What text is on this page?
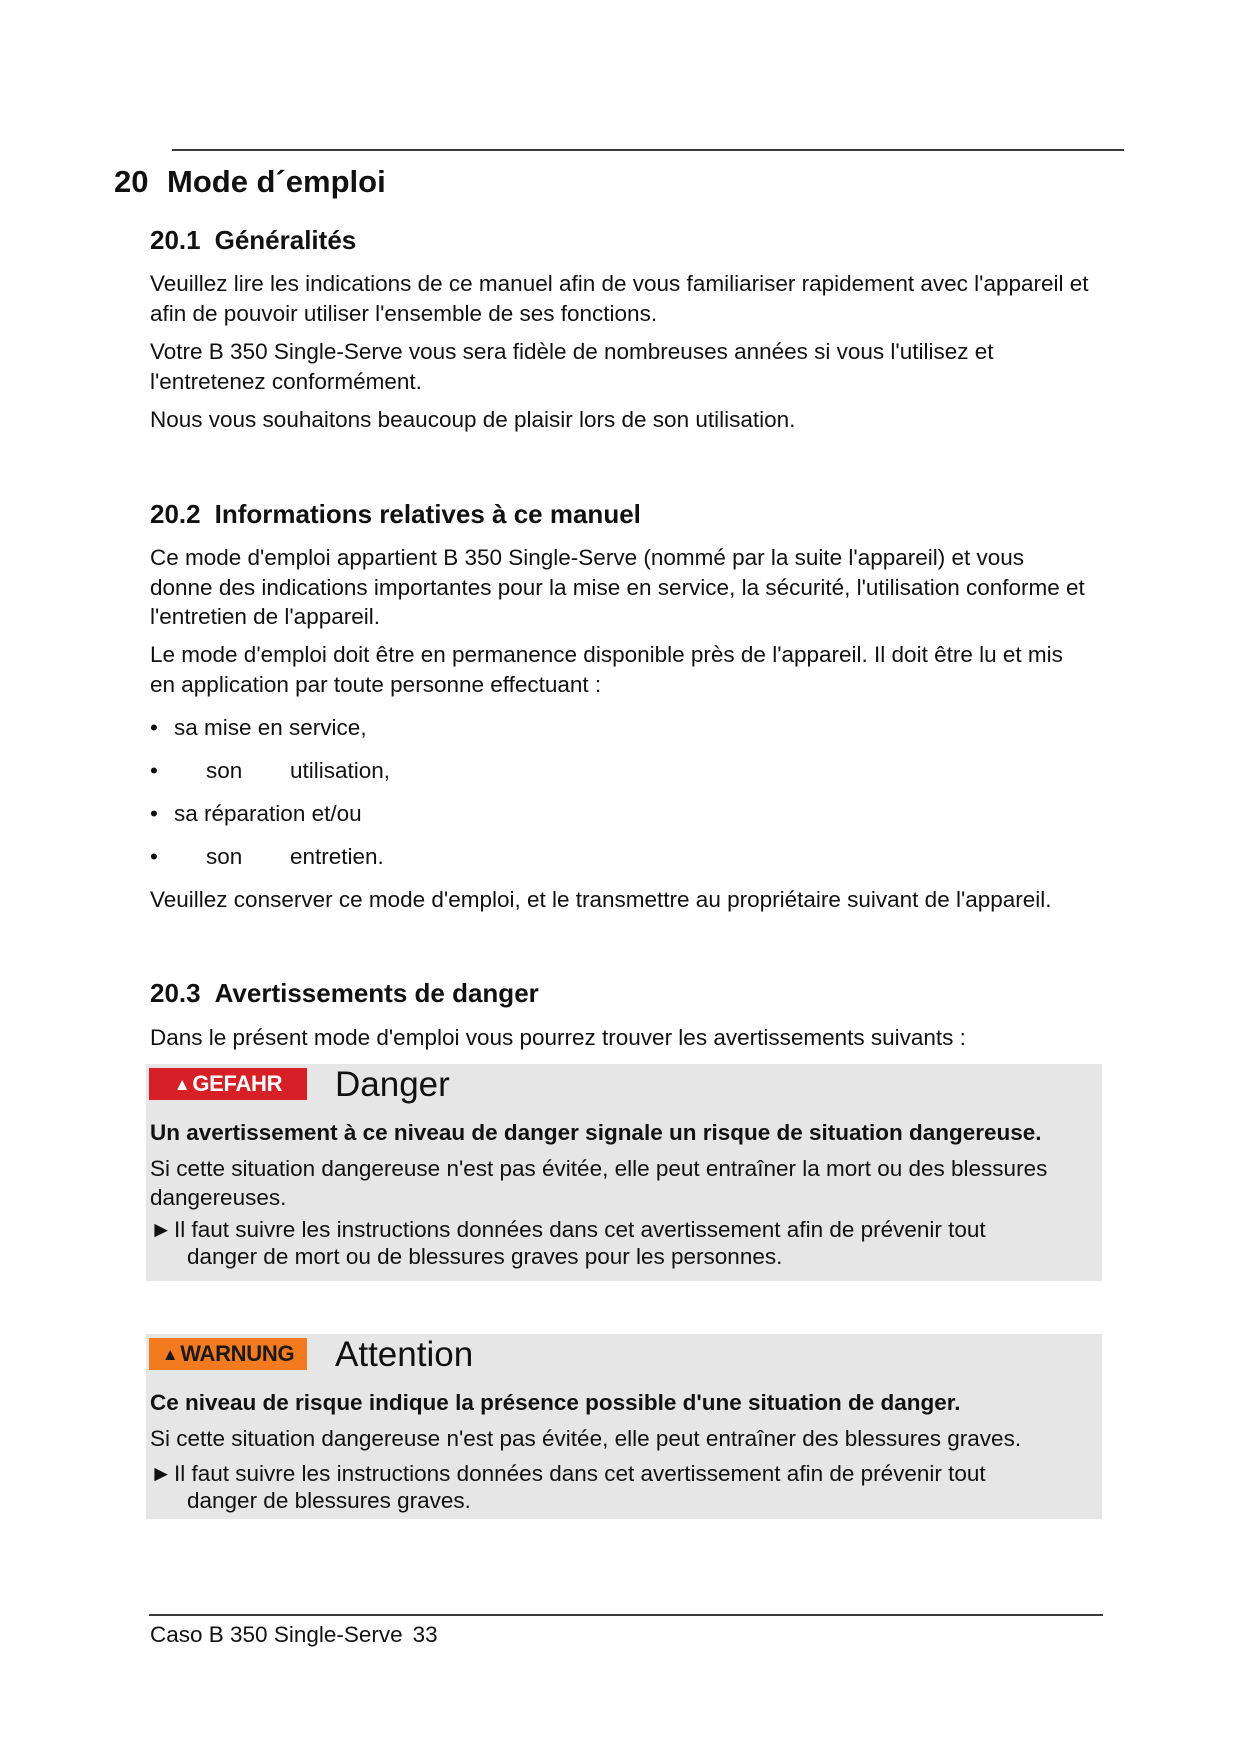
20 Mode d´emploi
20.1 Généralités

Veuillez lire les indications de ce manuel afin de vous familiariser rapidement avec l'appareil et afin de pouvoir utiliser l'ensemble de ses fonctions.

Votre B 350 Single-Serve vous sera fidèle de nombreuses années si vous l'utilisez et l'entretenez conformément.

Nous vous souhaitons beaucoup de plaisir lors de son utilisation.

20.2 Informations relatives à ce manuel

Ce mode d'emploi appartient B 350 Single-Serve (nommé par la suite l'appareil) et vous donne des indications importantes pour la mise en service, la sécurité, l'utilisation conforme et l'entretien de l'appareil.

Le mode d'emploi doit être en permanence disponible près de l'appareil. Il doit être lu et mis en application par toute personne effectuant :

• sa mise en service,
• son utilisation,
• sa réparation et/ou
• son entretien.

Veuillez conserver ce mode d'emploi, et le transmettre au propriétaire suivant de l'appareil.

20.3 Avertissements de danger

Dans le présent mode d'emploi vous pourrez trouver les avertissements suivants :

▲GEFAHR	Danger
Un avertissement à ce niveau de danger signale un risque de situation dangereuse.
Si cette situation dangereuse n'est pas évitée, elle peut entraîner la mort ou des blessures dangereuses.
►Il faut suivre les instructions données dans cet avertissement afin de prévenir tout
danger de mort ou de blessures graves pour les personnes.
▲WARNUNG	Attention
Ce niveau de risque indique la présence possible d'une situation de danger.
Si cette situation dangereuse n'est pas évitée, elle peut entraîner des blessures graves.
►Il faut suivre les instructions données dans cet avertissement afin de prévenir tout
danger de blessures graves.
Caso B 350 Single-Serve 33
